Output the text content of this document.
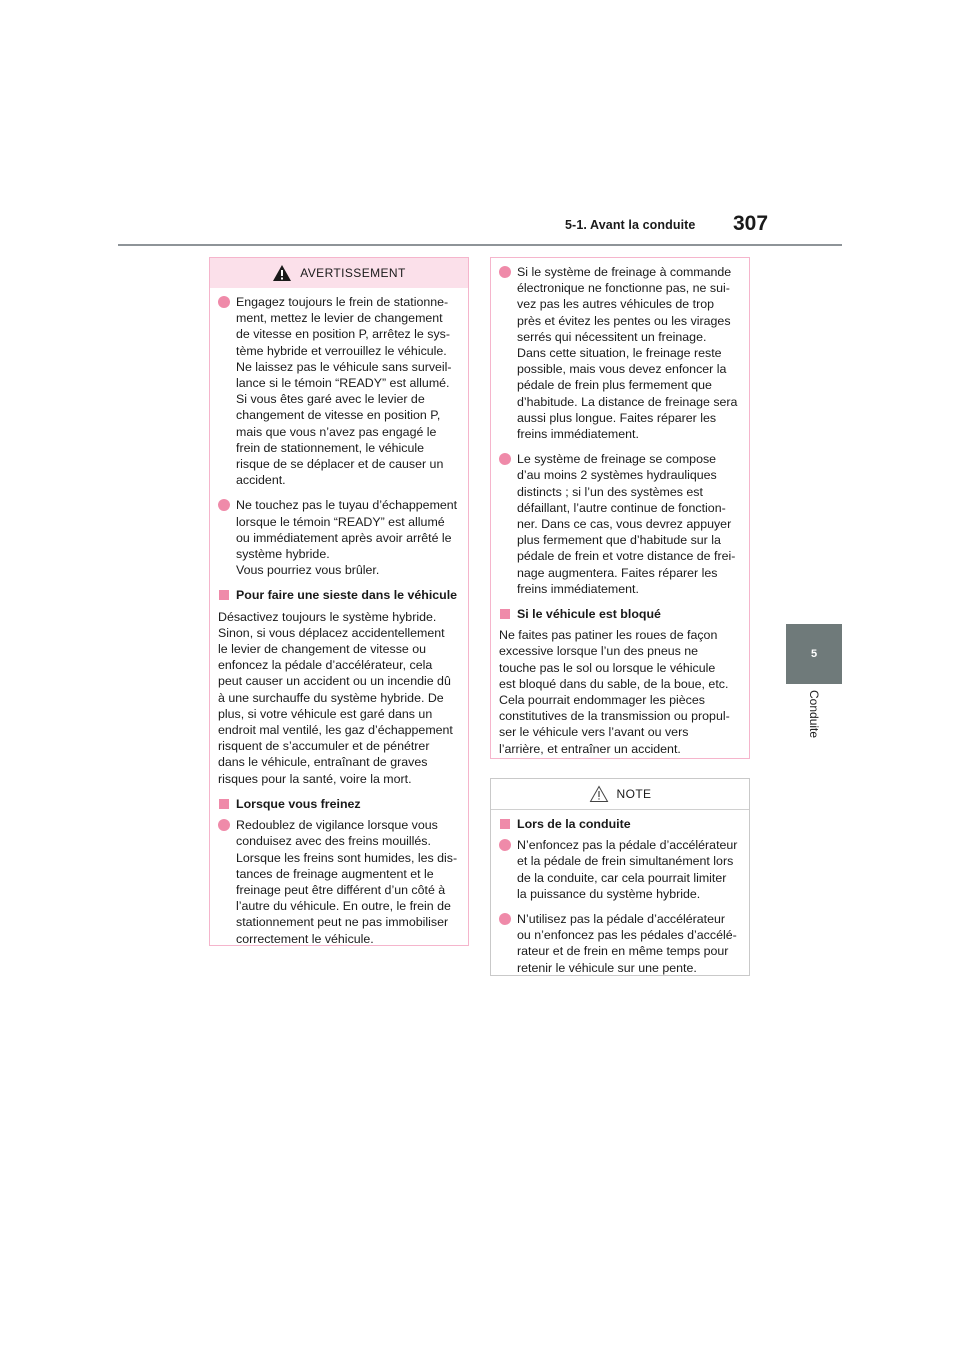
5-1. Avant la conduite 307
5
Conduite
AVERTISSEMENT
Engagez toujours le frein de stationne-
ment, mettez le levier de changement
de vitesse en position P, arrêtez le sys-
tème hybride et verrouillez le véhicule.
Ne laissez pas le véhicule sans surveil-
lance si le témoin “READY” est allumé.
Si vous êtes garé avec le levier de
changement de vitesse en position P,
mais que vous n’avez pas engagé le
frein de stationnement, le véhicule
risque de se déplacer et de causer un
accident.
Ne touchez pas le tuyau d’échappement
lorsque le témoin “READY” est allumé
ou immédiatement après avoir arrêté le
système hybride.
Vous pourriez vous brûler.
Pour faire une sieste dans le véhicule
Désactivez toujours le système hybride.
Sinon, si vous déplacez accidentellement
le levier de changement de vitesse ou
enfoncez la pédale d’accélérateur, cela
peut causer un accident ou un incendie dû
à une surchauffe du système hybride. De
plus, si votre véhicule est garé dans un
endroit mal ventilé, les gaz d’échappement
risquent de s’accumuler et de pénétrer
dans le véhicule, entraînant de graves
risques pour la santé, voire la mort.
Lorsque vous freinez
Redoublez de vigilance lorsque vous
conduisez avec des freins mouillés.
Lorsque les freins sont humides, les dis-
tances de freinage augmentent et le
freinage peut être différent d’un côté à
l’autre du véhicule. En outre, le frein de
stationnement peut ne pas immobiliser
correctement le véhicule.
Si le système de freinage à commande
électronique ne fonctionne pas, ne sui-
vez pas les autres véhicules de trop
près et évitez les pentes ou les virages
serrés qui nécessitent un freinage.
Dans cette situation, le freinage reste
possible, mais vous devez enfoncer la
pédale de frein plus fermement que
d’habitude. La distance de freinage sera
aussi plus longue. Faites réparer les
freins immédiatement.
Le système de freinage se compose
d’au moins 2 systèmes hydrauliques
distincts ; si l’un des systèmes est
défaillant, l’autre continue de fonction-
ner. Dans ce cas, vous devrez appuyer
plus fermement que d’habitude sur la
pédale de frein et votre distance de frei-
nage augmentera. Faites réparer les
freins immédiatement.
Si le véhicule est bloqué
Ne faites pas patiner les roues de façon
excessive lorsque l’un des pneus ne
touche pas le sol ou lorsque le véhicule
est bloqué dans du sable, de la boue, etc.
Cela pourrait endommager les pièces
constitutives de la transmission ou propul-
ser le véhicule vers l’avant ou vers
l’arrière, et entraîner un accident.
NOTE
Lors de la conduite
N’enfoncez pas la pédale d’accélérateur
et la pédale de frein simultanément lors
de la conduite, car cela pourrait limiter
la puissance du système hybride.
N’utilisez pas la pédale d’accélérateur
ou n’enfoncez pas les pédales d’accélé-
rateur et de frein en même temps pour
retenir le véhicule sur une pente.
